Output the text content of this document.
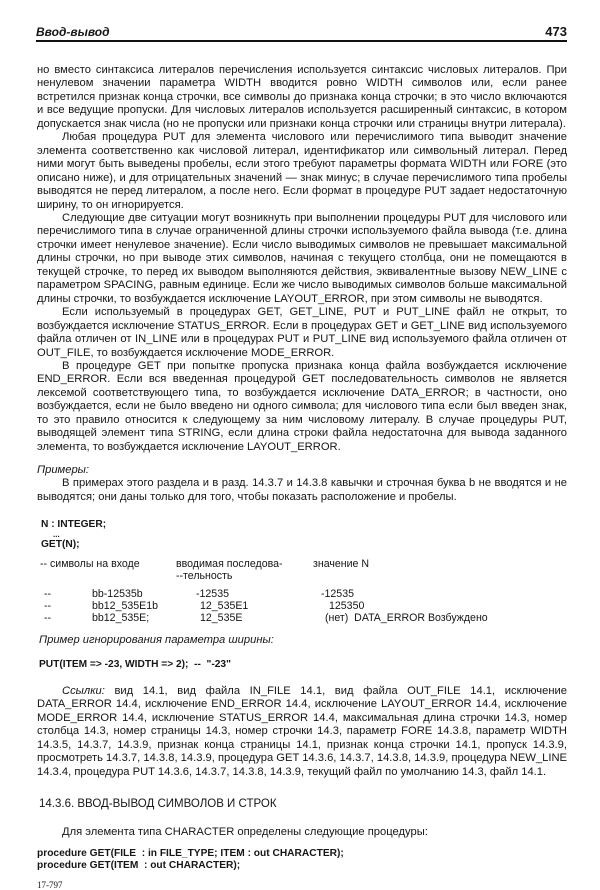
Ввод-вывод	473

но вместо синтаксиса литералов перечисления используется синтаксис числовых литералов. При ненулевом значении параметра WIDTH вводится ровно WIDTH символов или, если ранее встретился признак конца строчки, все символы до признака конца строчки; в это число включаются и все ведущие пропуски. Для числовых литералов используется расширенный синтаксис, в котором допускается знак числа (но не пропуски или признаки конца строчки или страницы внутри литерала).

Любая процедура PUT для элемента числового или перечислимого типа выводит значение элемента соответственно как числовой литерал, идентификатор или символьный литерал. Перед ними могут быть выведены пробелы, если этого требуют параметры формата WIDTH или FORE (это описано ниже), и для отрицательных значений — знак минус; в случае перечислимого типа пробелы выводятся не перед литералом, а после него. Если формат в процедуре PUT задает недостаточную ширину, то он игнорируется.

Следующие две ситуации могут возникнуть при выполнении процедуры PUT для числового или перечислимого типа в случае ограниченной длины строчки используемого файла вывода (т.е. длина строчки имеет ненулевое значение). Если число выводимых символов не превышает максимальной длины строчки, но при выводе этих символов, начиная с текущего столбца, они не помещаются в текущей строчке, то перед их выводом выполняются действия, эквивалентные вызову NEW_LINE с параметром SPACING, равным единице. Если же число выводимых символов больше максимальной длины строчки, то возбуждается исключение LAYOUT_ERROR, при этом символы не выводятся.

Если используемый в процедурах GET, GET_LINE, PUT и PUT_LINE файл не открыт, то возбуждается исключение STATUS_ERROR. Если в процедурах GET и GET_LINE вид используемого файла отличен от IN_LINE или в процедурах PUT и PUT_LINE вид используемого файла отличен от OUT_FILE, то возбуждается исключение MODE_ERROR.

В процедуре GET при попытке пропуска признака конца файла возбуждается исключение END_ERROR. Если вся введенная процедурой GET последовательность символов не является лексемой соответствующего типа, то возбуждается исключение DATA_ERROR; в частности, оно возбуждается, если не было введено ни одного символа; для числового типа если был введен знак, то это правило относится к следующему за ним числовому литералу. В случае процедуры PUT, выводящей элемент типа STRING, если длина строки файла недостаточна для вывода заданного элемента, то возбуждается исключение LAYOUT_ERROR.

Примеры:

В примерах этого раздела и в разд. 14.3.7 и 14.3.8 кавычки и строчная буква b не вводятся и не выводятся; они даны только для того, чтобы показать расположение и пробелы.

N : INTEGER;
...
GET(N);
-- символы на входе	вводимая последова-	значение N
--тельность
--	bb-12535b	-12535	-12535
--	bb12_535E1b	12_535E1	125350
--	bb12_535E;	12_535E	(нет)  DATA_ERROR Возбуждено

Пример игнорирования параметра ширины:

PUT(ITEM => -23, WIDTH => 2);  --  "-23"

Ссылки: вид 14.1, вид файла IN_FILE 14.1, вид файла OUT_FILE 14.1, исключение DATA_ERROR 14.4, исключение END_ERROR 14.4, исключение LAYOUT_ERROR 14.4, исключение MODE_ERROR 14.4, исключение STATUS_ERROR 14.4, максимальная длина строчки 14.3, номер столбца 14.3, номер страницы 14.3, номер строчки 14.3, параметр FORE 14.3.8, параметр WIDTH 14.3.5, 14.3.7, 14.3.9, признак конца страницы 14.1, признак конца строчки 14.1, пропуск 14.3.9, просмотреть 14.3.7, 14.3.8, 14.3.9, процедура GET 14.3.6, 14.3.7, 14.3.8, 14.3.9, процедура NEW_LINE 14.3.4, процедура PUT 14.3.6, 14.3.7, 14.3.8, 14.3.9, текущий файл по умолчанию 14.3, файл 14.1.

14.3.6. ВВОД-ВЫВОД СИМВОЛОВ И СТРОК

Для элемента типа CHARACTER определены следующие процедуры:

procedure GET(FILE  : in FILE_TYPE; ITEM : out CHARACTER);
procedure GET(ITEM  : out CHARACTER);
17-797
